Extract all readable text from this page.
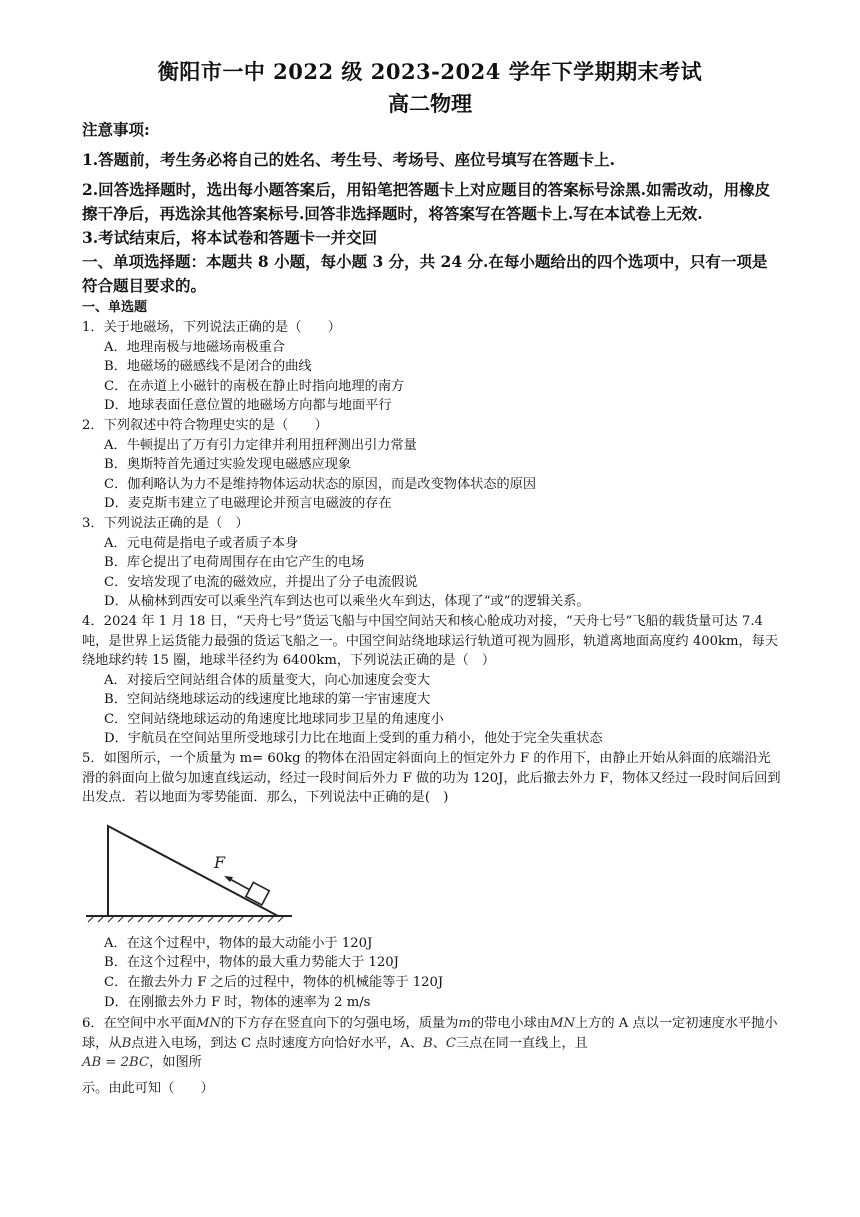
衡阳市一中 2022 级 2023-2024 学年下学期期末考试
高二物理
注意事项:
1.答题前，考生务必将自己的姓名、考生号、考场号、座位号填写在答题卡上.
2.回答选择题时，选出每小题答案后，用铅笔把答题卡上对应题目的答案标号涂黑.如需改动，用橡皮擦干净后，再选涂其他答案标号.回答非选择题时，将答案写在答题卡上.写在本试卷上无效.
3.考试结束后，将本试卷和答题卡一并交回
一、单项选择题：本题共 8 小题，每小题 3 分，共 24 分.在每小题给出的四个选项中，只有一项是符合题目要求的。
一、单选题
1．关于地磁场，下列说法正确的是（　　）
A．地理南极与地磁场南极重合
B．地磁场的磁感线不是闭合的曲线
C．在赤道上小磁针的南极在静止时指向地理的南方
D．地球表面任意位置的地磁场方向都与地面平行
2．下列叙述中符合物理史实的是（　　）
A．牛顿提出了万有引力定律并利用扭秤测出引力常量
B．奥斯特首先通过实验发现电磁感应现象
C．伽利略认为力不是维持物体运动状态的原因，而是改变物体状态的原因
D．麦克斯韦建立了电磁理论并预言电磁波的存在
3．下列说法正确的是（　）
A．元电荷是指电子或者质子本身
B．库仑提出了电荷周围存在由它产生的电场
C．安培发现了电流的磁效应，并提出了分子电流假说
D．从榆林到西安可以乘坐汽车到达也可以乘坐火车到达，体现了“或”的逻辑关系。
4．2024 年 1 月 18 日，“天舟七号”货运飞船与中国空间站天和核心舱成功对接，“天舟七号”飞船的载货量可达 7.4 吨，是世界上运货能力最强的货运飞船之一。中国空间站绕地球运行轨道可视为圆形，轨道离地面高度约 400km，每天绕地球约转 15 圈，地球半径约为 6400km，下列说法正确的是（　）
A．对接后空间站组合体的质量变大，向心加速度会变大
B．空间站绕地球运动的线速度比地球的第一宇宙速度大
C．空间站绕地球运动的角速度比地球同步卫星的角速度小
D．宇航员在空间站里所受地球引力比在地面上受到的重力稍小，他处于完全失重状态
5．如图所示，一个质量为 m= 60kg 的物体在沿固定斜面向上的恒定外力 F 的作用下，由静止开始从斜面的底端沿光滑的斜面向上做匀加速直线运动，经过一段时间后外力 F 做的功为 120J，此后撤去外力 F，物体又经过一段时间后回到出发点．若以地面为零势能面．那么，下列说法中正确的是(　)
F
A．在这个过程中，物体的最大动能小于 120J
B．在这个过程中，物体的最大重力势能大于 120J
C．在撤去外力 F 之后的过程中，物体的机械能等于 120J
D．在刚撤去外力 F 时，物体的速率为 2 m/s
6．在空间中水平面MN的下方存在竖直向下的匀强电场，质量为m的带电小球由MN上方的 A 点以一定初速度水平抛小球，从B点进入电场，到达 C 点时速度方向恰好水平，A、B、C三点在同一直线上，且
AB = 2BC，如图所
示。由此可知（　　）
